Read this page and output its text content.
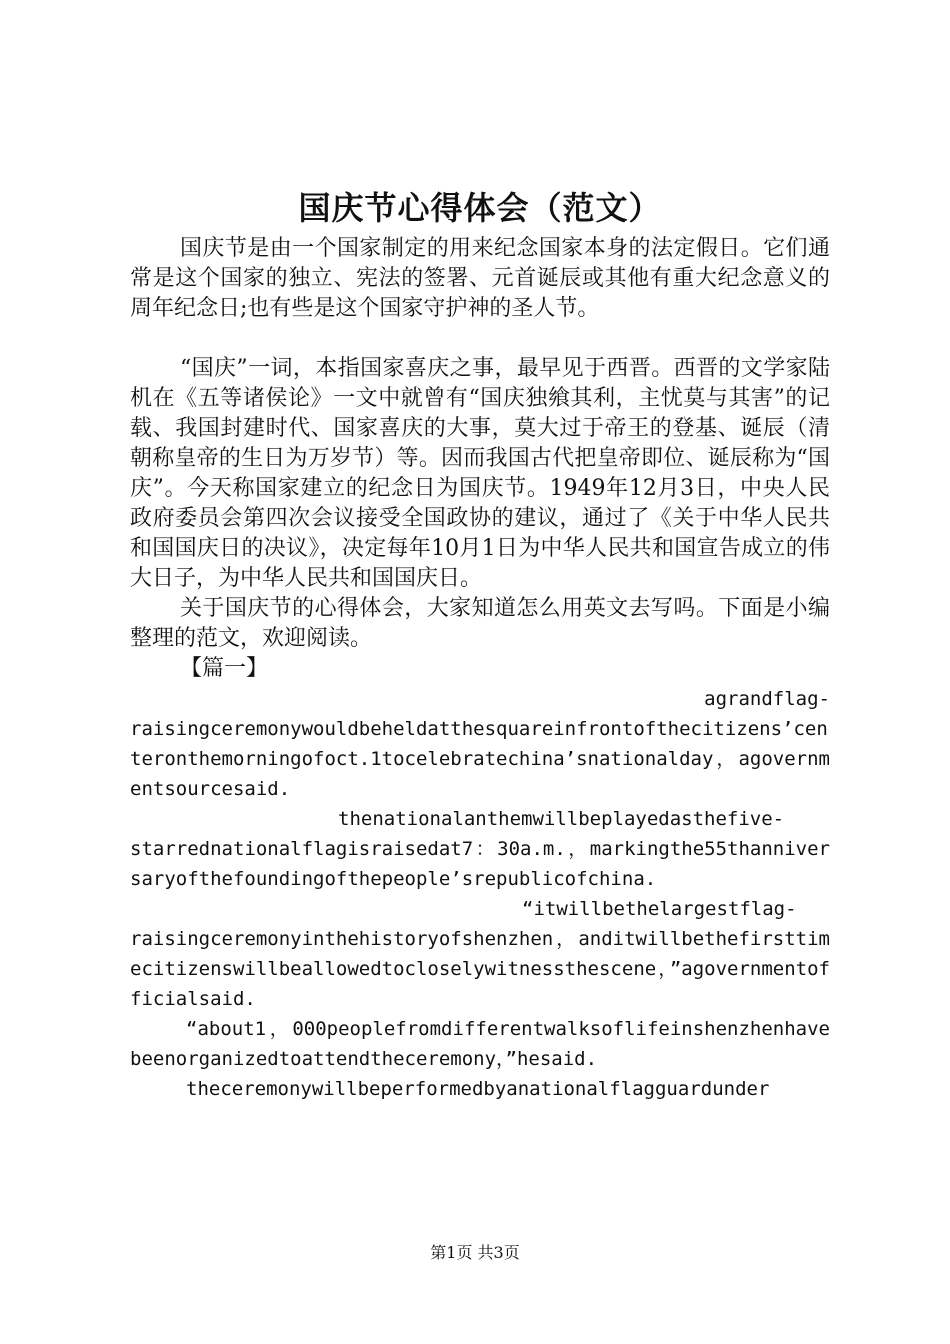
国庆节心得体会（范文）

国庆节是由一个国家制定的用来纪念国家本身的法定假日。它们通常是这个国家的独立、宪法的签署、元首诞辰或其他有重大纪念意义的周年纪念日;也有些是这个国家守护神的圣人节。

“国庆”一词，本指国家喜庆之事，最早见于西晋。西晋的文学家陆机在《五等诸侯论》一文中就曾有“国庆独飨其利，主忧莫与其害”的记载、我国封建时代、国家喜庆的大事，莫大过于帝王的登基、诞辰（清朝称皇帝的生日为万岁节）等。因而我国古代把皇帝即位、诞辰称为“国庆”。今天称国家建立的纪念日为国庆节。1949年12月3日，中央人民政府委员会第四次会议接受全国政协的建议，通过了《关于中华人民共和国国庆日的决议》，决定每年10月1日为中华人民共和国宣告成立的伟大日子，为中华人民共和国国庆日。

关于国庆节的心得体会，大家知道怎么用英文去写吗。下面是小编整理的范文，欢迎阅读。

【篇一】

agrandflag-

raisingceremonywouldbeheldatthesquareinfrontofthecitizens’centeronthemorningofoct.1tocelebratechina’snationalday，agovernmentsourcesaid.

thenationalanthemwillbeplayedasthefive-

starrednationalflagisraisedat7：30a.m.，markingthe55thanniversaryofthefoundingofthepeople’srepublicofchina.

“itwillbethelargestflag-

raisingceremonyinthehistoryofshenzhen，anditwillbethefirsttimecitizenswillbeallowedtocloselywitnessthescene，”agovernmentofficialsaid.

“about1，000peoplefromdifferentwalksoflifeinshenzhenhavebeenorganizedtoattendtheceremony，”hesaid.

theceremonywillbeperformedbyanationalflagguardunder

第1页 共3页
